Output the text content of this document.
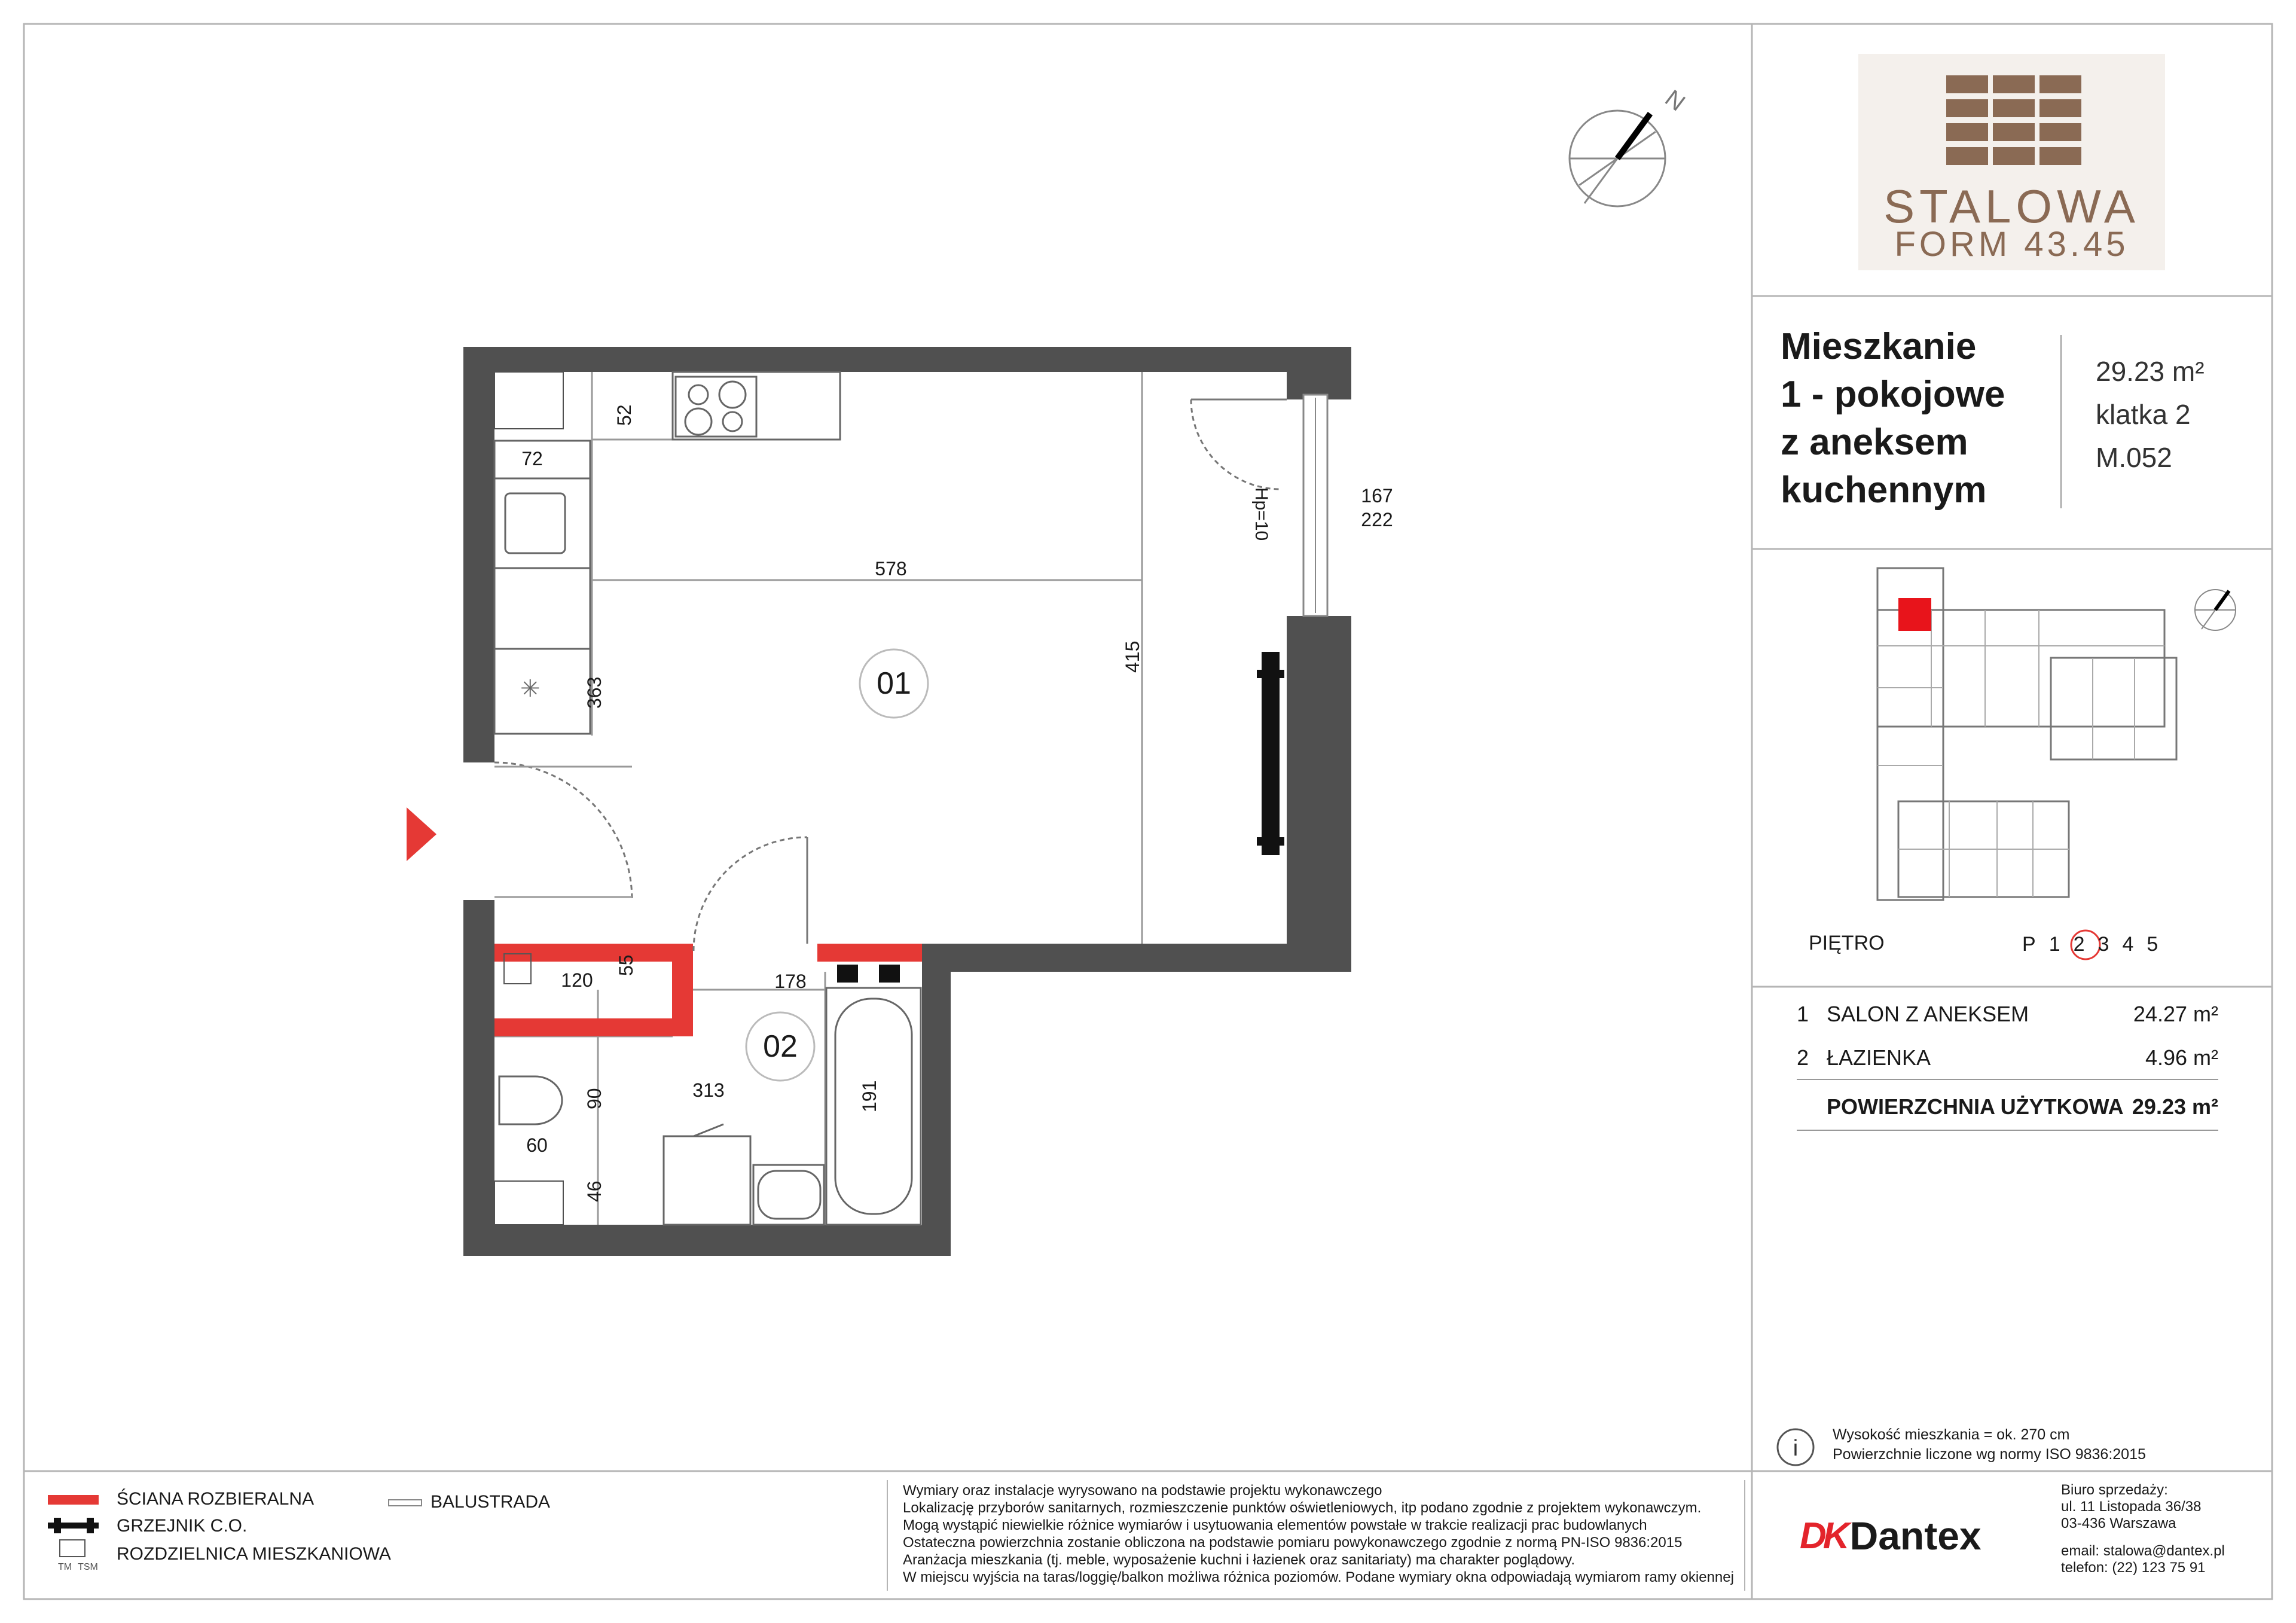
N
✳	01
02
52
72
578
167
222
415
363
120
55
178
313	191
90
60
46
Hp=10
i
STALOWA
FORM 43.45
Mieszkanie
1 - pokojowe
z aneksem
kuchennym
29.23 m²
klatka 2
M.052
PIĘTRO	P 1 2 3 4 5
1 SALON Z ANEKSEM	24.27 m²
2 ŁAZIENKA	4.96 m²
POWIERZCHNIA UŻYTKOWA 29.23 m²
Wysokość mieszkania = ok. 270 cm
Powierzchnie liczone wg normy ISO 9836:2015
ŚCIANA ROZBIERALNA
GRZEJNIK C.O.
ROZDZIELNICA MIESZKANIOWA
BALUSTRADA
TM TSM
Wymiary oraz instalacje wyrysowano na podstawie projektu wykonawczego
Lokalizację przyborów sanitarnych, rozmieszczenie punktów oświetleniowych, itp podano zgodnie z projektem wykonawczym.
Mogą wystąpić niewielkie różnice wymiarów i usytuowania elementów powstałe w trakcie realizacji prac budowlanych
Ostateczna powierzchnia zostanie obliczona na podstawie pomiaru powykonawczego zgodnie z normą PN-ISO 9836:2015
Aranżacja mieszkania (tj. meble, wyposażenie kuchni i łazienek oraz sanitariaty) ma charakter poglądowy.
W miejscu wyjścia na taras/loggię/balkon możliwa różnica poziomów. Podane wymiary okna odpowiadają wymiarom ramy okiennej
DK Dantex
Biuro sprzedaży:
ul. 11 Listopada 36/38
03-436 Warszawa
email: stalowa@dantex.pl
telefon: (22) 123 75 91
